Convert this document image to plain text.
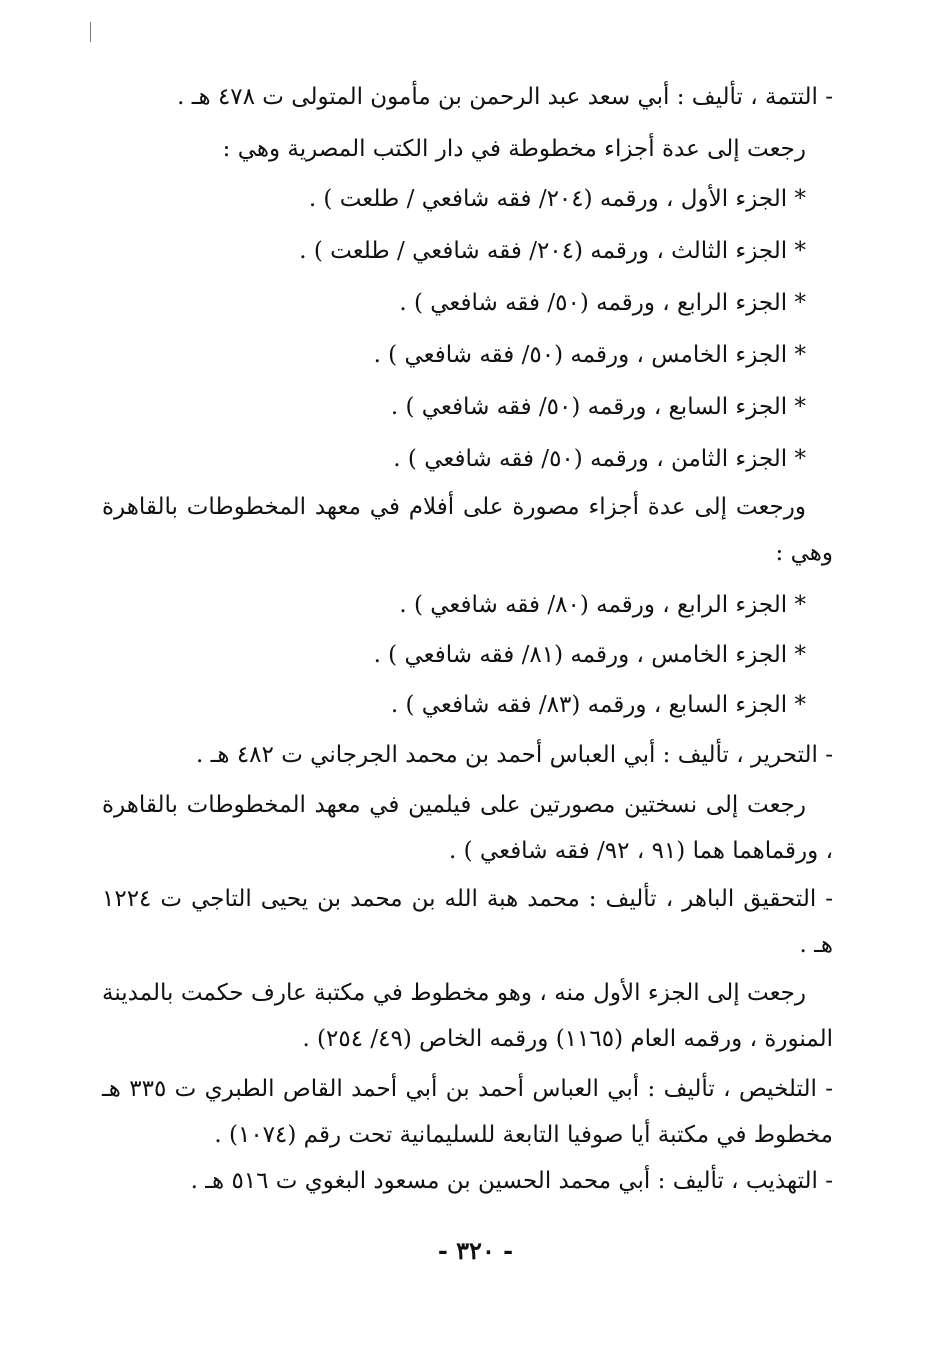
- التتمة ، تأليف : أبي سعد عبد الرحمن بن مأمون المتولى ت ٤٧٨ هـ .
رجعت إلى عدة أجزاء مخطوطة في دار الكتب المصرية وهي :
* الجزء الأول ، ورقمه (٢٠٤/ فقه شافعي / طلعت ) .
* الجزء الثالث ، ورقمه (٢٠٤/ فقه شافعي / طلعت ) .
* الجزء الرابع ، ورقمه (٥٠/ فقه شافعي ) .
* الجزء الخامس ، ورقمه (٥٠/ فقه شافعي ) .
* الجزء السابع ، ورقمه (٥٠/ فقه شافعي ) .
* الجزء الثامن ، ورقمه (٥٠/ فقه شافعي ) .
ورجعت إلى عدة أجزاء مصورة على أفلام في معهد المخطوطات بالقاهرة وهي :
* الجزء الرابع ، ورقمه (٨٠/ فقه شافعي ) .
* الجزء الخامس ، ورقمه (٨١/ فقه شافعي ) .
* الجزء السابع ، ورقمه (٨٣/ فقه شافعي ) .
- التحرير ، تأليف : أبي العباس أحمد بن محمد الجرجاني ت ٤٨٢ هـ .
رجعت إلى نسختين مصورتين على فيلمين في معهد المخطوطات بالقاهرة ، ورقماهما هما (٩١ ، ٩٢/ فقه شافعي ) .
- التحقيق الباهر ، تأليف : محمد هبة الله بن محمد بن يحيى التاجي ت ١٢٢٤ هـ .
رجعت إلى الجزء الأول منه ، وهو مخطوط في مكتبة عارف حكمت بالمدينة المنورة ، ورقمه العام (١١٦٥) ورقمه الخاص (٤٩/ ٢٥٤) .
- التلخيص ، تأليف : أبي العباس أحمد بن أبي أحمد القاص الطبري ت ٣٣٥ هـ مخطوط في مكتبة أيا صوفيا التابعة للسليمانية تحت رقم (١٠٧٤) .
- التهذيب ، تأليف : أبي محمد الحسين بن مسعود البغوي ت ٥١٦ هـ .
- ٣٢٠ -
